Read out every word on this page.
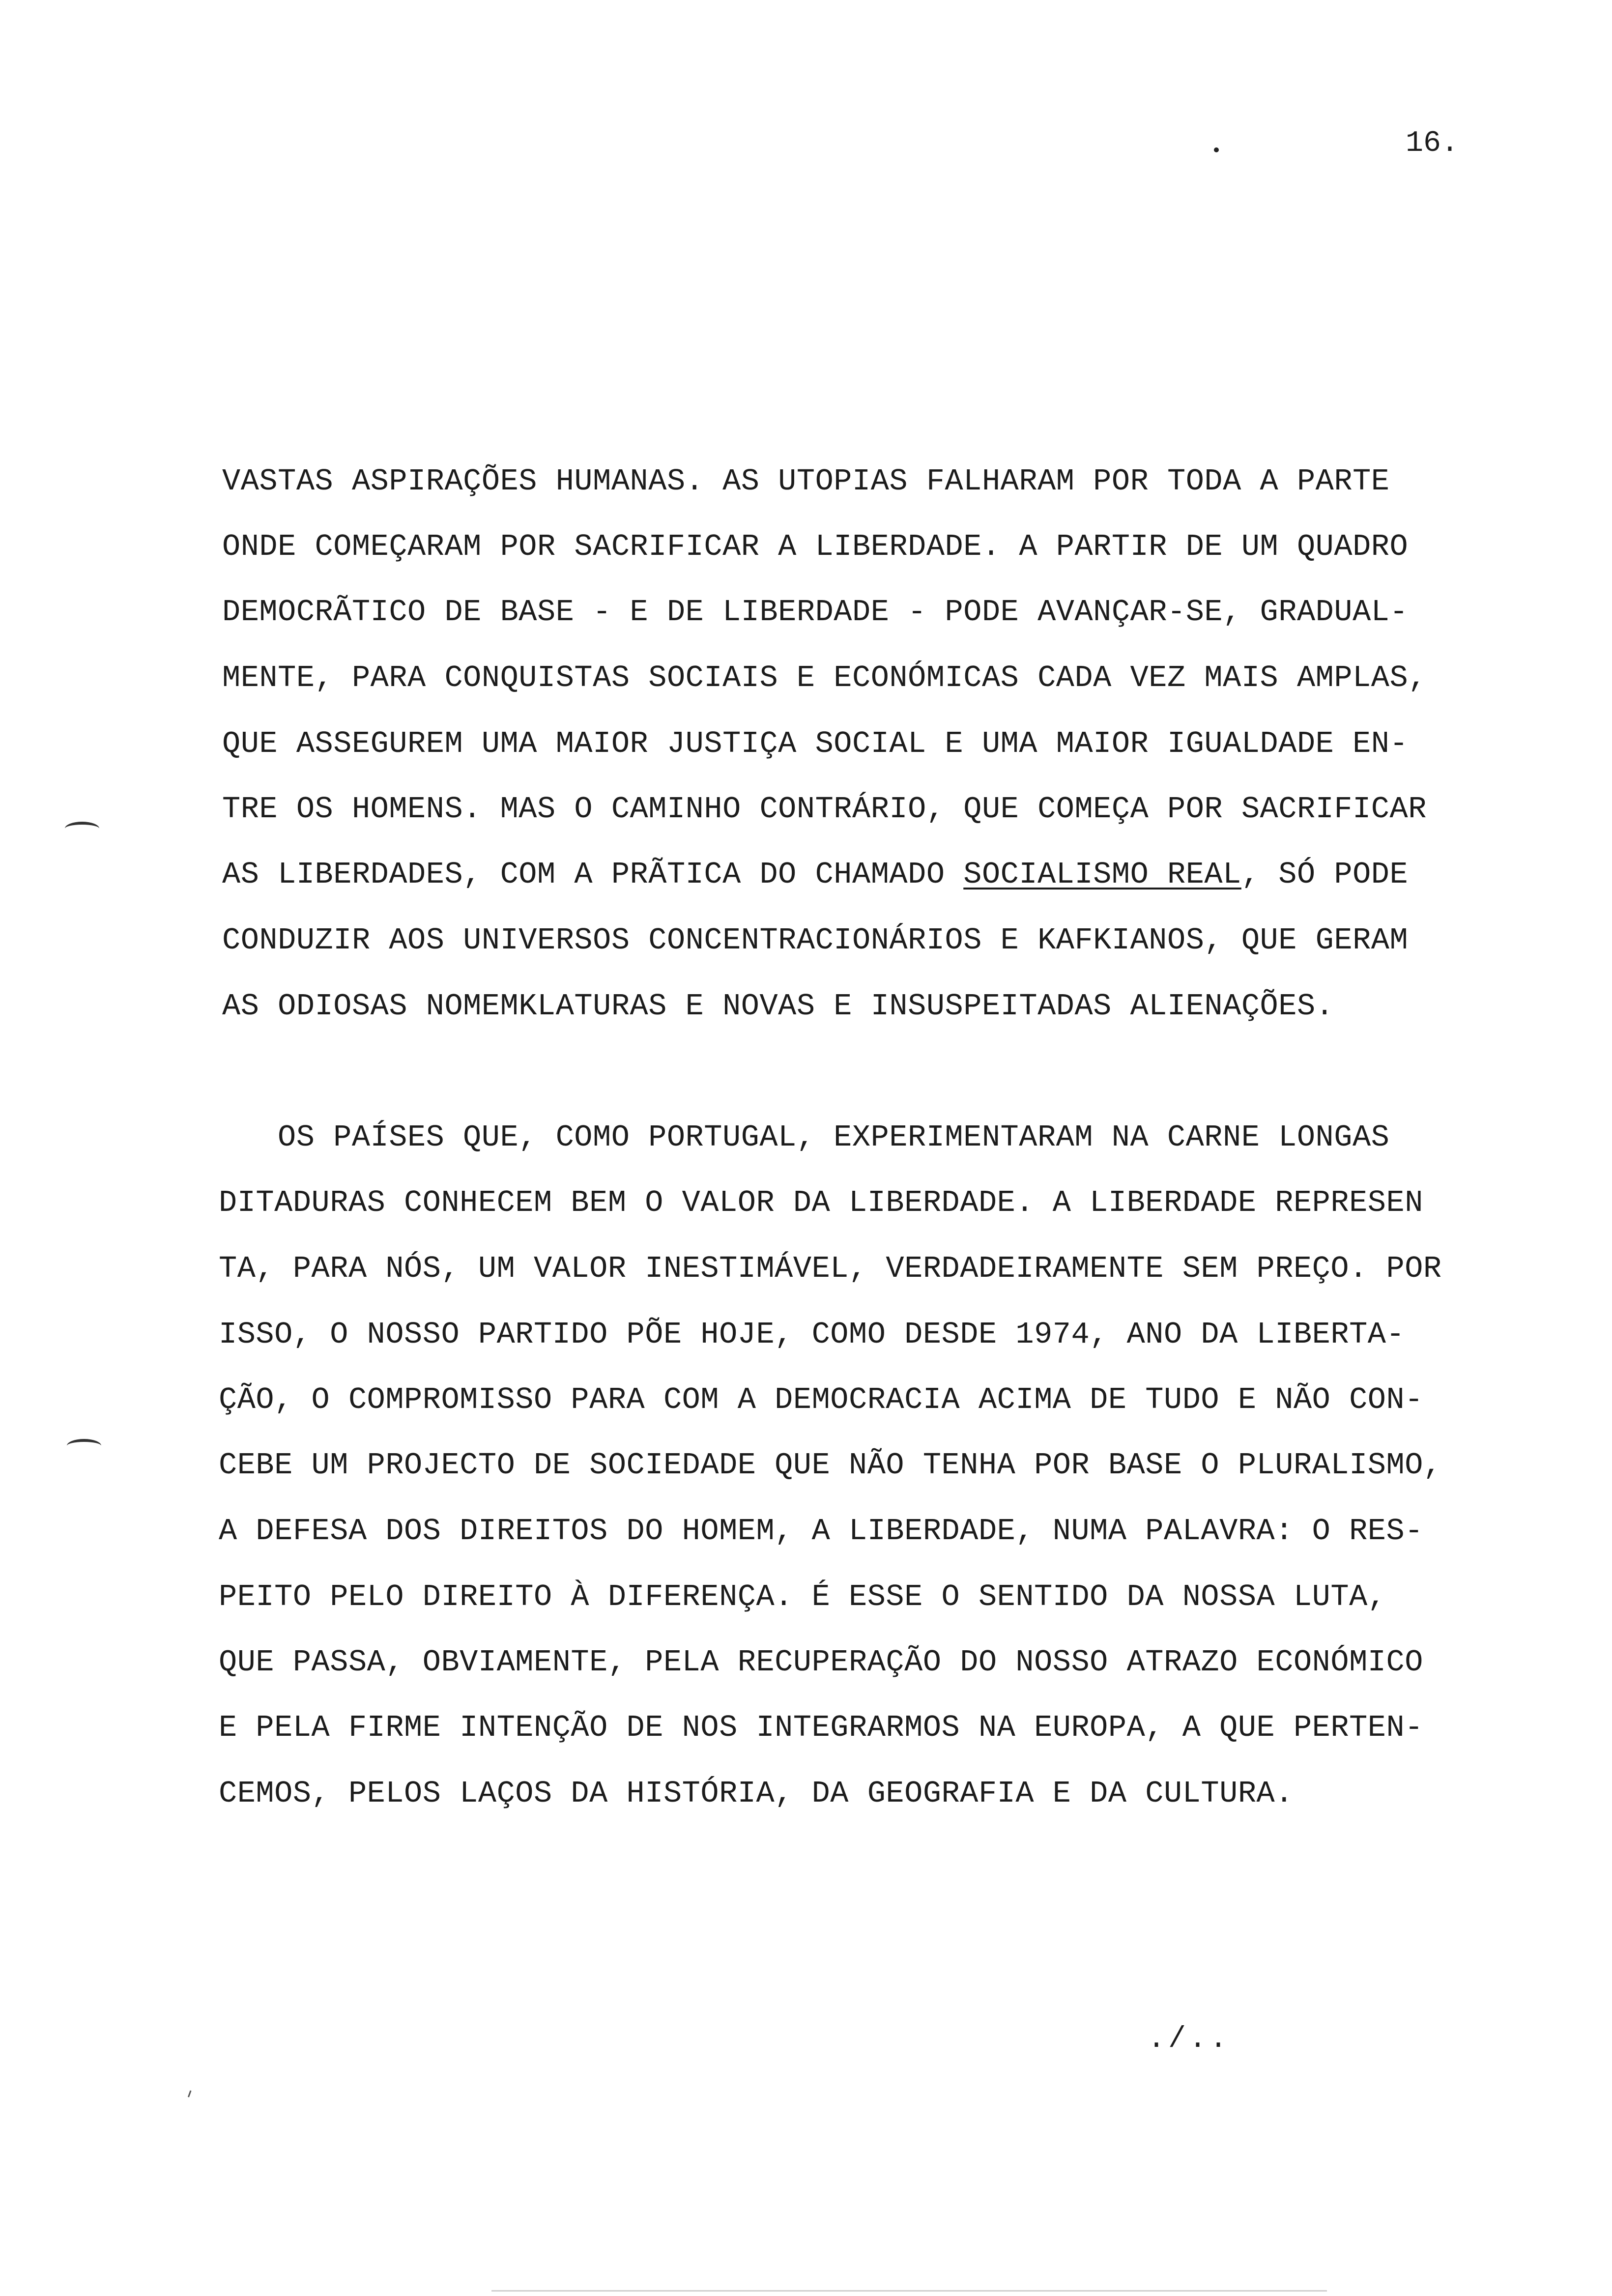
16.
VASTAS ASPIRAÇÕES HUMANAS. AS UTOPIAS FALHARAM POR TODA A PARTE
ONDE COMEÇARAM POR SACRIFICAR A LIBERDADE. A PARTIR DE UM QUADRO
DEMOCRÃTICO DE BASE - E DE LIBERDADE - PODE AVANÇAR-SE, GRADUAL-
MENTE, PARA CONQUISTAS SOCIAIS E ECONÓMICAS CADA VEZ MAIS AMPLAS,
QUE ASSEGUREM UMA MAIOR JUSTIÇA SOCIAL E UMA MAIOR IGUALDADE EN-
TRE OS HOMENS. MAS O CAMINHO CONTRÁRIO, QUE COMEÇA POR SACRIFICAR
AS LIBERDADES, COM A PRÃTICA DO CHAMADO SOCIALISMO REAL, SÓ PODE
CONDUZIR AOS UNIVERSOS CONCENTRACIONÁRIOS E KAFKIANOS, QUE GERAM
AS ODIOSAS NOMEMKLATURAS E NOVAS E INSUSPEITADAS ALIENAÇÕES.
OS PAÍSES QUE, COMO PORTUGAL, EXPERIMENTARAM NA CARNE LONGAS
DITADURAS CONHECEM BEM O VALOR DA LIBERDADE. A LIBERDADE REPRESEN
TA, PARA NÓS, UM VALOR INESTIMÁVEL, VERDADEIRAMENTE SEM PREÇO. POR
ISSO, O NOSSO PARTIDO PÕE HOJE, COMO DESDE 1974, ANO DA LIBERTA-
ÇÃO, O COMPROMISSO PARA COM A DEMOCRACIA ACIMA DE TUDO E NÃO CON-
CEBE UM PROJECTO DE SOCIEDADE QUE NÃO TENHA POR BASE O PLURALISMO,
A DEFESA DOS DIREITOS DO HOMEM, A LIBERDADE, NUMA PALAVRA: O RES-
PEITO PELO DIREITO À DIFERENÇA. É ESSE O SENTIDO DA NOSSA LUTA,
QUE PASSA, OBVIAMENTE, PELA RECUPERAÇÃO DO NOSSO ATRAZO ECONÓMICO
E PELA FIRME INTENÇÃO DE NOS INTEGRARMOS NA EUROPA, A QUE PERTEN-
CEMOS, PELOS LAÇOS DA HISTÓRIA, DA GEOGRAFIA E DA CULTURA.
./..
